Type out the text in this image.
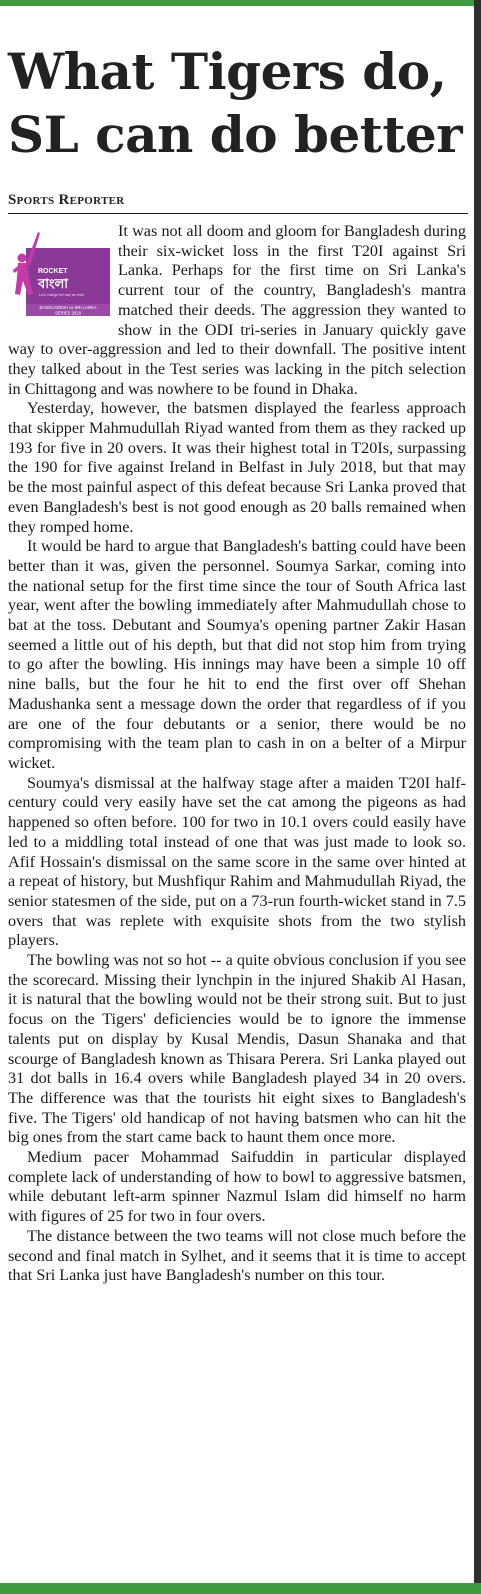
What Tigers do, SL can do better
Sports Reporter
ROCKET
বাংলা
Let's change the way we think
BANGLADESH vs SRI LANKA
SERIES 2018

It was not all doom and gloom for Bangladesh during their six-wicket loss in the first T20I against Sri Lanka. Perhaps for the first time on Sri Lanka's current tour of the country, Bangladesh's mantra matched their deeds. The aggression they wanted to show in the ODI tri-series in January quickly gave way to over-aggression and led to their downfall. The positive intent they talked about in the Test series was lacking in the pitch selection in Chittagong and was nowhere to be found in Dhaka.

Yesterday, however, the batsmen displayed the fearless approach that skipper Mahmudullah Riyad wanted from them as they racked up 193 for five in 20 overs. It was their highest total in T20Is, surpassing the 190 for five against Ireland in Belfast in July 2018, but that may be the most painful aspect of this defeat because Sri Lanka proved that even Bangladesh's best is not good enough as 20 balls remained when they romped home.

It would be hard to argue that Bangladesh's batting could have been better than it was, given the personnel. Soumya Sarkar, coming into the national setup for the first time since the tour of South Africa last year, went after the bowling immediately after Mahmudullah chose to bat at the toss. Debutant and Soumya's opening partner Zakir Hasan seemed a little out of his depth, but that did not stop him from trying to go after the bowling. His innings may have been a simple 10 off nine balls, but the four he hit to end the first over off Shehan Madushanka sent a message down the order that regardless of if you are one of the four debutants or a senior, there would be no compromising with the team plan to cash in on a belter of a Mirpur wicket.

Soumya's dismissal at the halfway stage after a maiden T20I half-century could very easily have set the cat among the pigeons as had happened so often before. 100 for two in 10.1 overs could easily have led to a middling total instead of one that was just made to look so. Afif Hossain's dismissal on the same score in the same over hinted at a repeat of history, but Mushfiqur Rahim and Mahmudullah Riyad, the senior statesmen of the side, put on a 73-run fourth-wicket stand in 7.5 overs that was replete with exquisite shots from the two stylish players.

The bowling was not so hot -- a quite obvious conclusion if you see the scorecard. Missing their lynchpin in the injured Shakib Al Hasan, it is natural that the bowling would not be their strong suit. But to just focus on the Tigers' deficiencies would be to ignore the immense talents put on display by Kusal Mendis, Dasun Shanaka and that scourge of Bangladesh known as Thisara Perera. Sri Lanka played out 31 dot balls in 16.4 overs while Bangladesh played 34 in 20 overs. The difference was that the tourists hit eight sixes to Bangladesh's five. The Tigers' old handicap of not having batsmen who can hit the big ones from the start came back to haunt them once more.

Medium pacer Mohammad Saifuddin in particular displayed complete lack of understanding of how to bowl to aggressive batsmen, while debutant left-arm spinner Nazmul Islam did himself no harm with figures of 25 for two in four overs.

The distance between the two teams will not close much before the second and final match in Sylhet, and it seems that it is time to accept that Sri Lanka just have Bangladesh's number on this tour.
